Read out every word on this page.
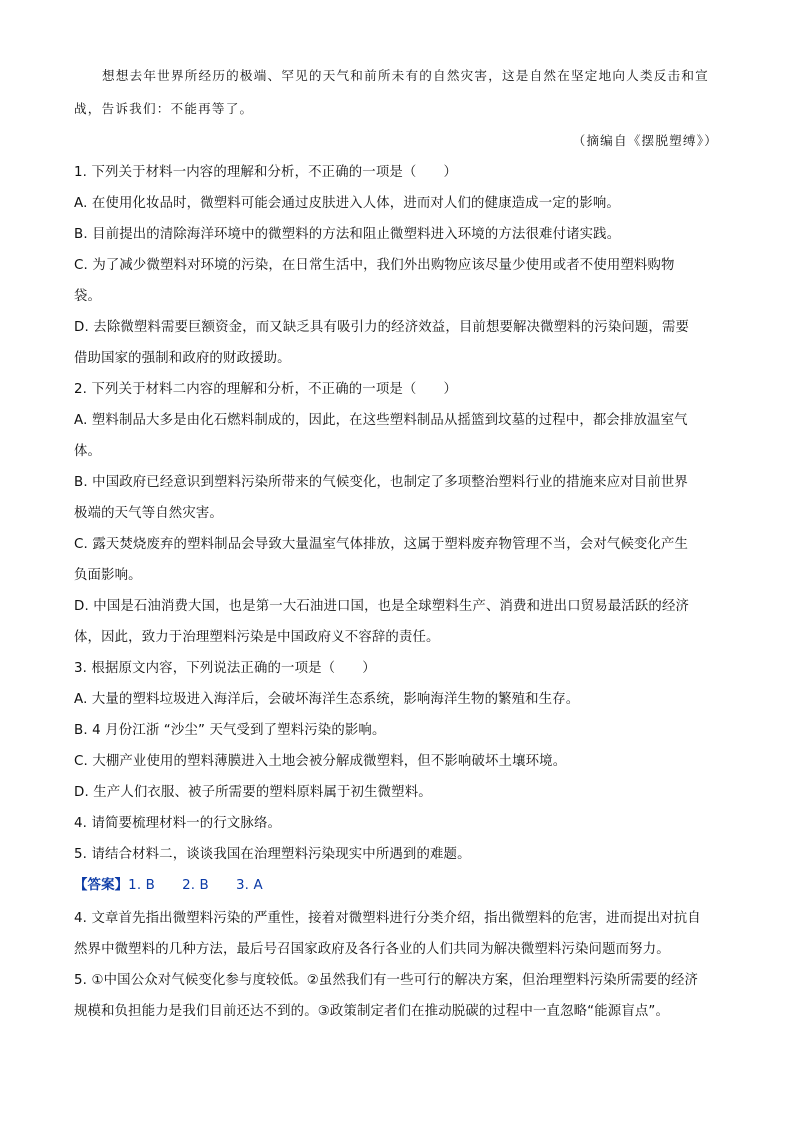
想想去年世界所经历的极端、罕见的天气和前所未有的自然灾害，这是自然在坚定地向人类反击和宣
战，告诉我们：不能再等了。
（摘编自《摆脱塑缚》）
1. 下列关于材料一内容的理解和分析，不正确的一项是（　　）
A. 在使用化妆品时，微塑料可能会通过皮肤进入人体，进而对人们的健康造成一定的影响。
B. 目前提出的清除海洋环境中的微塑料的方法和阻止微塑料进入环境的方法很难付诸实践。
C. 为了减少微塑料对环境的污染，在日常生活中，我们外出购物应该尽量少使用或者不使用塑料购物
袋。
D. 去除微塑料需要巨额资金，而又缺乏具有吸引力的经济效益，目前想要解决微塑料的污染问题，需要
借助国家的强制和政府的财政援助。
2. 下列关于材料二内容的理解和分析，不正确的一项是（　　）
A. 塑料制品大多是由化石燃料制成的，因此，在这些塑料制品从摇篮到坟墓的过程中，都会排放温室气
体。
B. 中国政府已经意识到塑料污染所带来的气候变化，也制定了多项整治塑料行业的措施来应对目前世界
极端的天气等自然灾害。
C. 露天焚烧废弃的塑料制品会导致大量温室气体排放，这属于塑料废弃物管理不当，会对气候变化产生
负面影响。
D. 中国是石油消费大国，也是第一大石油进口国，也是全球塑料生产、消费和进出口贸易最活跃的经济
体，因此，致力于治理塑料污染是中国政府义不容辞的责任。
3. 根据原文内容，下列说法正确的一项是（　　）
A. 大量的塑料垃圾进入海洋后，会破坏海洋生态系统，影响海洋生物的繁殖和生存。
B. 4 月份江浙 “沙尘” 天气受到了塑料污染的影响。
C. 大棚产业使用的塑料薄膜进入土地会被分解成微塑料，但不影响破坏土壤环境。
D. 生产人们衣服、被子所需要的塑料原料属于初生微塑料。
4. 请简要梳理材料一的行文脉络。
5. 请结合材料二，谈谈我国在治理塑料污染现实中所遇到的难题。
【答案】1. B　　2. B　　3. A
4. 文章首先指出微塑料污染的严重性，接着对微塑料进行分类介绍，指出微塑料的危害，进而提出对抗自
然界中微塑料的几种方法，最后号召国家政府及各行各业的人们共同为解决微塑料污染问题而努力。
5. ①中国公众对气候变化参与度较低。②虽然我们有一些可行的解决方案，但治理塑料污染所需要的经济
规模和负担能力是我们目前还达不到的。③政策制定者们在推动脱碳的过程中一直忽略“能源盲点”。
